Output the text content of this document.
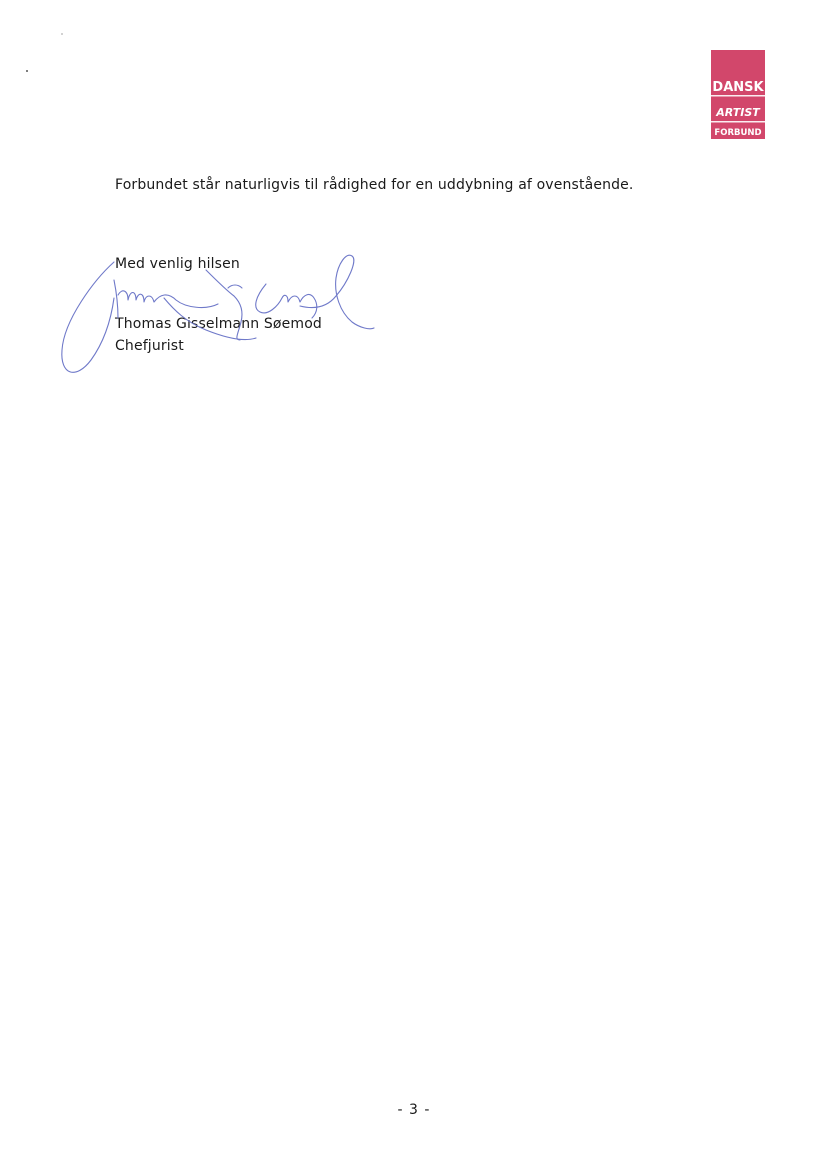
DANSK
ARTIST
FORBUND
Forbundet står naturligvis til rådighed for en uddybning af ovenstående.
Med venlig hilsen
Thomas Gisselmann Søemod
Chefjurist
- 3 -
